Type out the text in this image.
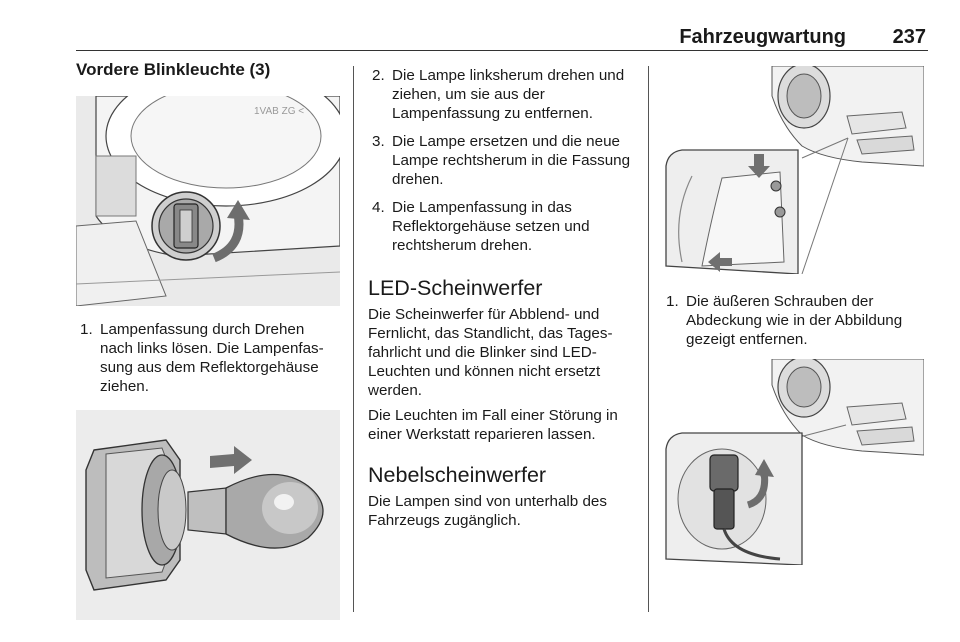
Fahrzeugwartung 237
Vordere Blinkleuchte (3)
1VAB ZG <
1. Lampenfassung durch Drehen nach links lösen. Die Lampenfas-sung aus dem Reflektorgehäuse ziehen.
2. Die Lampe linksherum drehen und ziehen, um sie aus der Lampenfassung zu entfernen.
3. Die Lampe ersetzen und die neue Lampe rechtsherum in die Fassung drehen.
4. Die Lampenfassung in das Reflektorgehäuse setzen und rechtsherum drehen.
LED-Scheinwerfer

Die Scheinwerfer für Abblend- und Fernlicht, das Standlicht, das Tages-fahrlicht und die Blinker sind LED-Leuchten und können nicht ersetzt werden.

Die Leuchten im Fall einer Störung in einer Werkstatt reparieren lassen.

Nebelscheinwerfer

Die Lampen sind von unterhalb des Fahrzeugs zugänglich.

1. Die äußeren Schrauben der Abdeckung wie in der Abbildung gezeigt entfernen.
